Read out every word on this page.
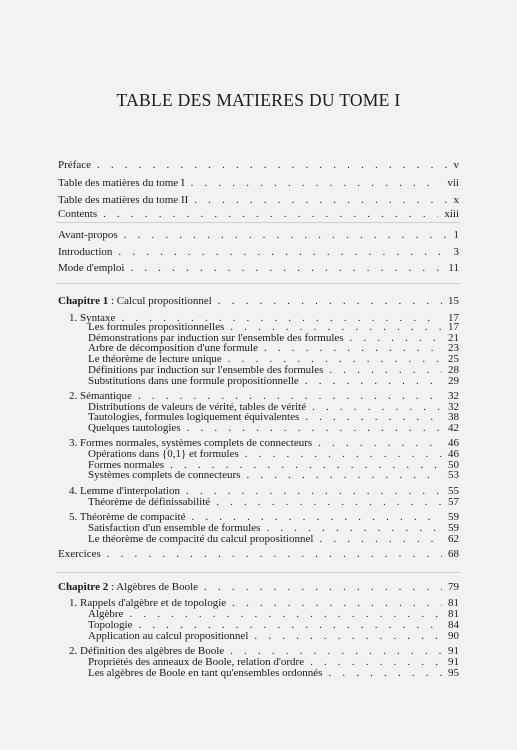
TABLE DES MATIERES DU TOME I
Préface . . .	v
Table des matières du tome I . . .	vii
Table des matières du tome II . . .	x
Contents . . .	xiii
Avant-propos . . .	1
Introduction . . .	3
Mode d'emploi . . .	11
Chapitre 1 : Calcul propositionnel . . .	15
1. Syntaxe . . .	17
Les formules propositionnelles . . .	17
Démonstrations par induction sur l'ensemble des formules . . .	21
Arbre de décomposition d'une formule . . .	23
Le théorème de lecture unique . . .	25
Définitions par induction sur l'ensemble des formules . . .	28
Substitutions dans une formule propositionnelle . . .	29
2. Sémantique . . .	32
Distributions de valeurs de vérité, tables de vérité . . .	32
Tautologies, formules logiquement équivalentes . . .	38
Quelques tautologies . . .	42
3. Formes normales, systèmes complets de connecteurs . . .	46
Opérations dans {0,1} et formules . . .	46
Formes normales . . .	50
Systèmes complets de connecteurs . . .	53
4. Lemme d'interpolation . . .	55
Théorème de définissabilité . . .	57
5. Théorème de compacité . . .	59
Satisfaction d'un ensemble de formules . . .	59
Le théorème de compacité du calcul propositionnel . . .	62
Exercices . . .	68
Chapitre 2 : Algèbres de Boole . . .	79
1. Rappels d'algèbre et de topologie . . .	81
Algèbre . . .	81
Topologie . . .	84
Application au calcul propositionnel . . .	90
2. Définition des algèbres de Boole . . .	91
Propriétés des anneaux de Boole, relation d'ordre . . .	91
Les algèbres de Boole en tant qu'ensembles ordonnés . . .	95
